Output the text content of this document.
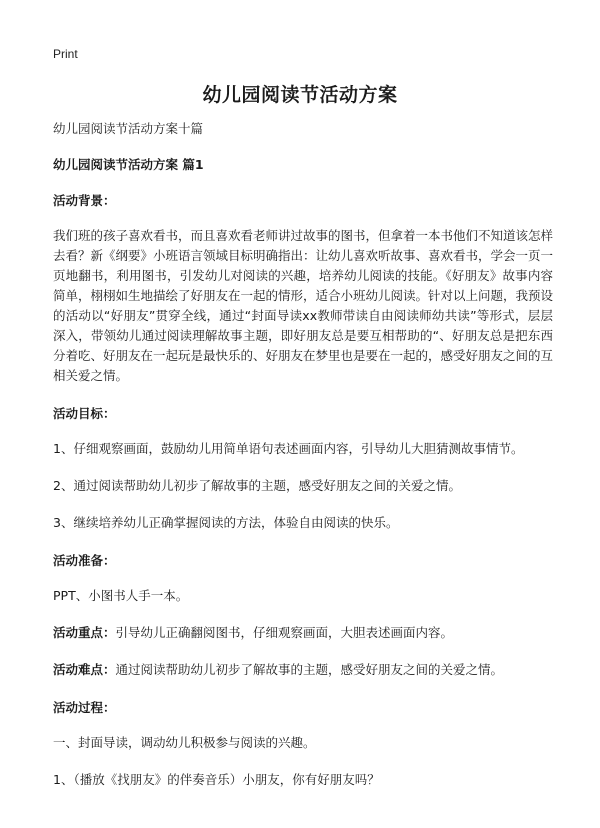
Print
幼儿园阅读节活动方案
幼儿园阅读节活动方案十篇
幼儿园阅读节活动方案 篇1
活动背景：
我们班的孩子喜欢看书，而且喜欢看老师讲过故事的图书，但拿着一本书他们不知道该怎样去看？新《纲要》小班语言领域目标明确指出：让幼儿喜欢听故事、喜欢看书，学会一页一页地翻书，利用图书，引发幼儿对阅读的兴趣，培养幼儿阅读的技能。《好朋友》故事内容简单，栩栩如生地描绘了好朋友在一起的情形，适合小班幼儿阅读。针对以上问题，我预设的活动以“好朋友”贯穿全线，通过“封面导读xx教师带读自由阅读师幼共读”等形式，层层深入，带领幼儿通过阅读理解故事主题，即好朋友总是要互相帮助的“、好朋友总是把东西分着吃、好朋友在一起玩是最快乐的、好朋友在梦里也是要在一起的，感受好朋友之间的互相关爱之情。
活动目标：
1、仔细观察画面，鼓励幼儿用简单语句表述画面内容，引导幼儿大胆猜测故事情节。
2、通过阅读帮助幼儿初步了解故事的主题，感受好朋友之间的关爱之情。
3、继续培养幼儿正确掌握阅读的方法，体验自由阅读的快乐。
活动准备：
PPT、小图书人手一本。
活动重点：引导幼儿正确翻阅图书，仔细观察画面，大胆表述画面内容。
活动难点：通过阅读帮助幼儿初步了解故事的主题，感受好朋友之间的关爱之情。
活动过程：
一、封面导读，调动幼儿积极参与阅读的兴趣。
1、（播放《找朋友》的伴奏音乐）小朋友，你有好朋友吗？
